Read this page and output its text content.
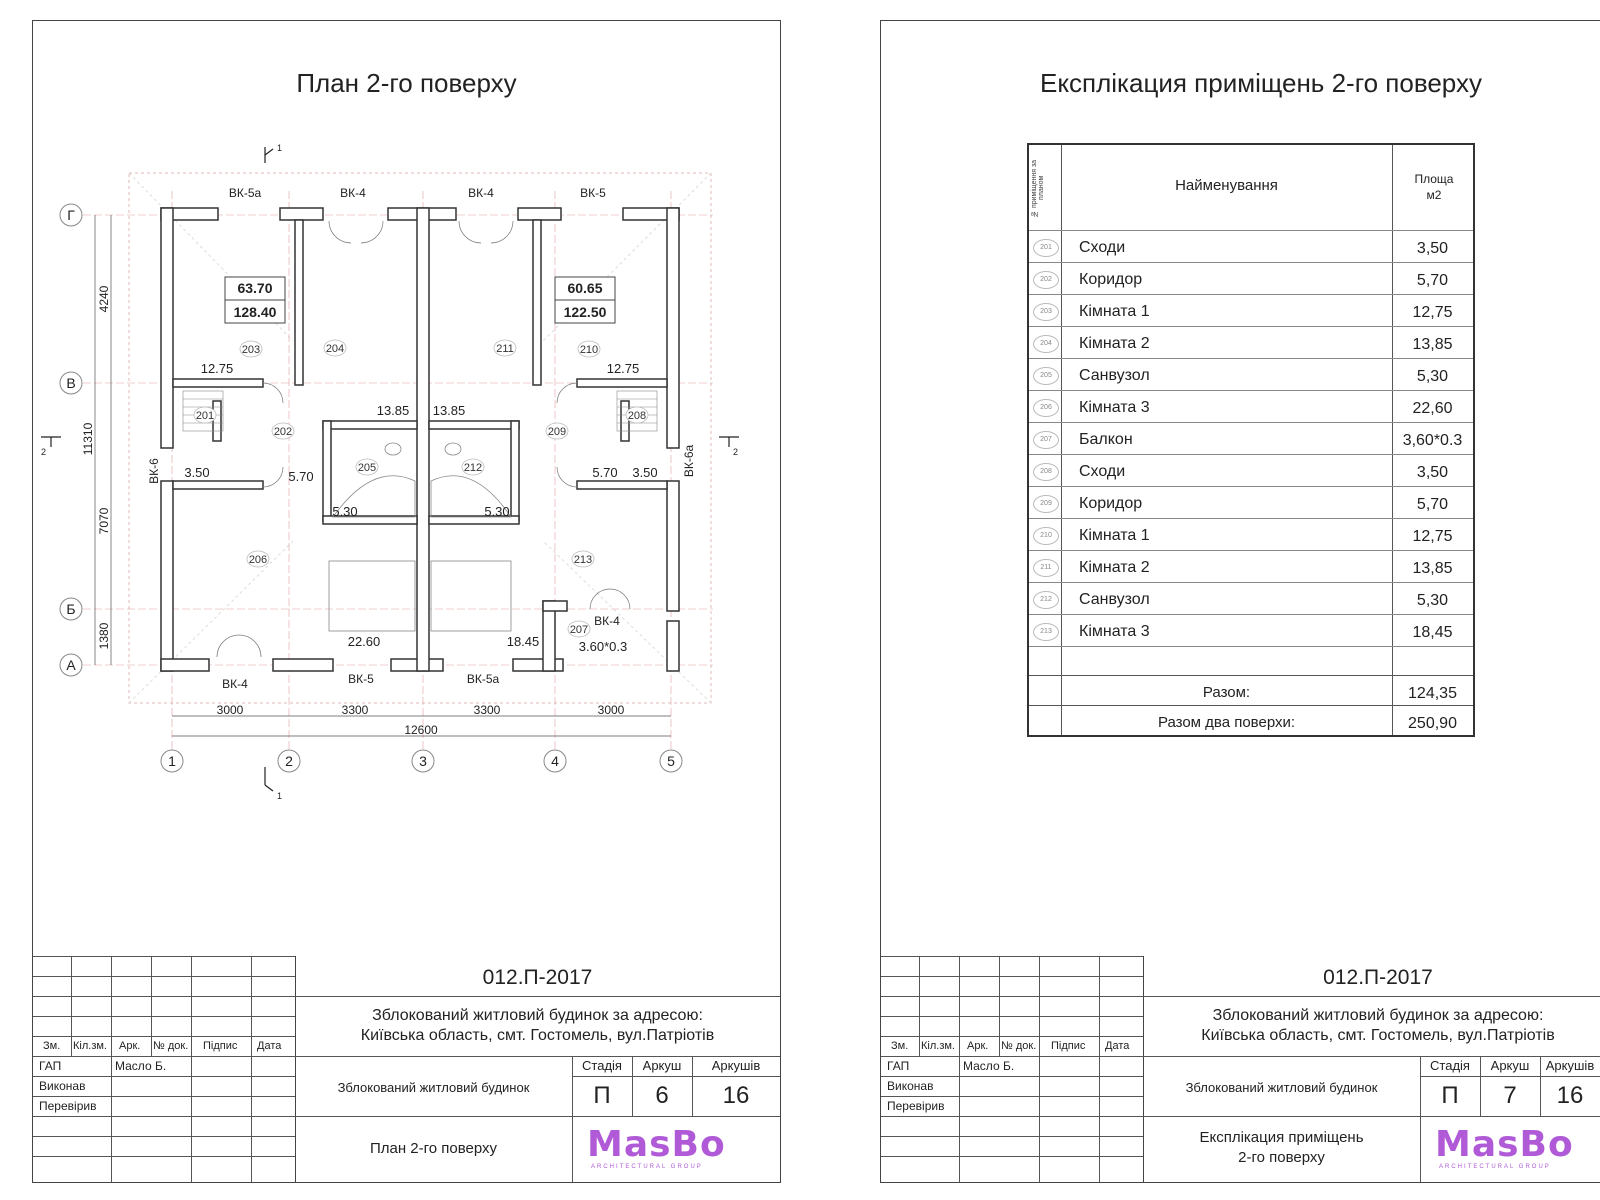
План 2-го поверху
Г
В
Б
А
1	2	3	4	5
4240
11310
7070
1380
3000	3300	3300	3000
12600
ВК-5а	ВК-4	ВК-4	ВК-5
ВК-4	ВК-5	ВК-5а
ВК-4
ВК-6	ВК-6а
1
1
2	2
63.70
128.40
60.65
122.50
201
202
203	204
205
206
207
208
209
210
211
212
213
3.50	5.70
12.75
13.85
5.30
22.60	3.60*0.3
3.50
5.70
12.75
13.85
5.30
18.45
Зм. Кіл.зм. Арк. № док. Підпис Дата
ГАП
Виконав
Перевірив
Масло Б.
012.П-2017
Зблокований житловий будинок за адресою:
Київська область, смт. Гостомель, вул.Патріотів
Зблокований житловий будинок
Стадія	Аркуш	Аркушів
П	6	16
План 2-го поверху	MasBo
ARCHITECTURAL GROUP
Експлікация приміщень 2-го поверху
№ приміщення за планом	Найменування	Площа м2
201	Сходи	3,50
202	Коридор	5,70
203	Кімната 1	12,75
204	Кімната 2	13,85
205	Санвузол	5,30
206	Кімната 3	22,60
207	Балкон	3,60*0.3
208	Сходи	3,50
209	Коридор	5,70
210	Кімната 1	12,75
211	Кімната 2	13,85
212	Санвузол	5,30
213	Кімната 3	18,45
Разом:	124,35
Разом два поверхи:	250,90
Зм. Кіл.зм. Арк. № док. Підпис Дата
ГАП
Виконав
Перевірив
Масло Б.
012.П-2017
Зблокований житловий будинок за адресою:
Київська область, смт. Гостомель, вул.Патріотів
Зблокований житловий будинок
Стадія	Аркуш	Аркушів
П	7	16
Експлікация приміщень
2-го поверху	MasBo
ARCHITECTURAL GROUP
